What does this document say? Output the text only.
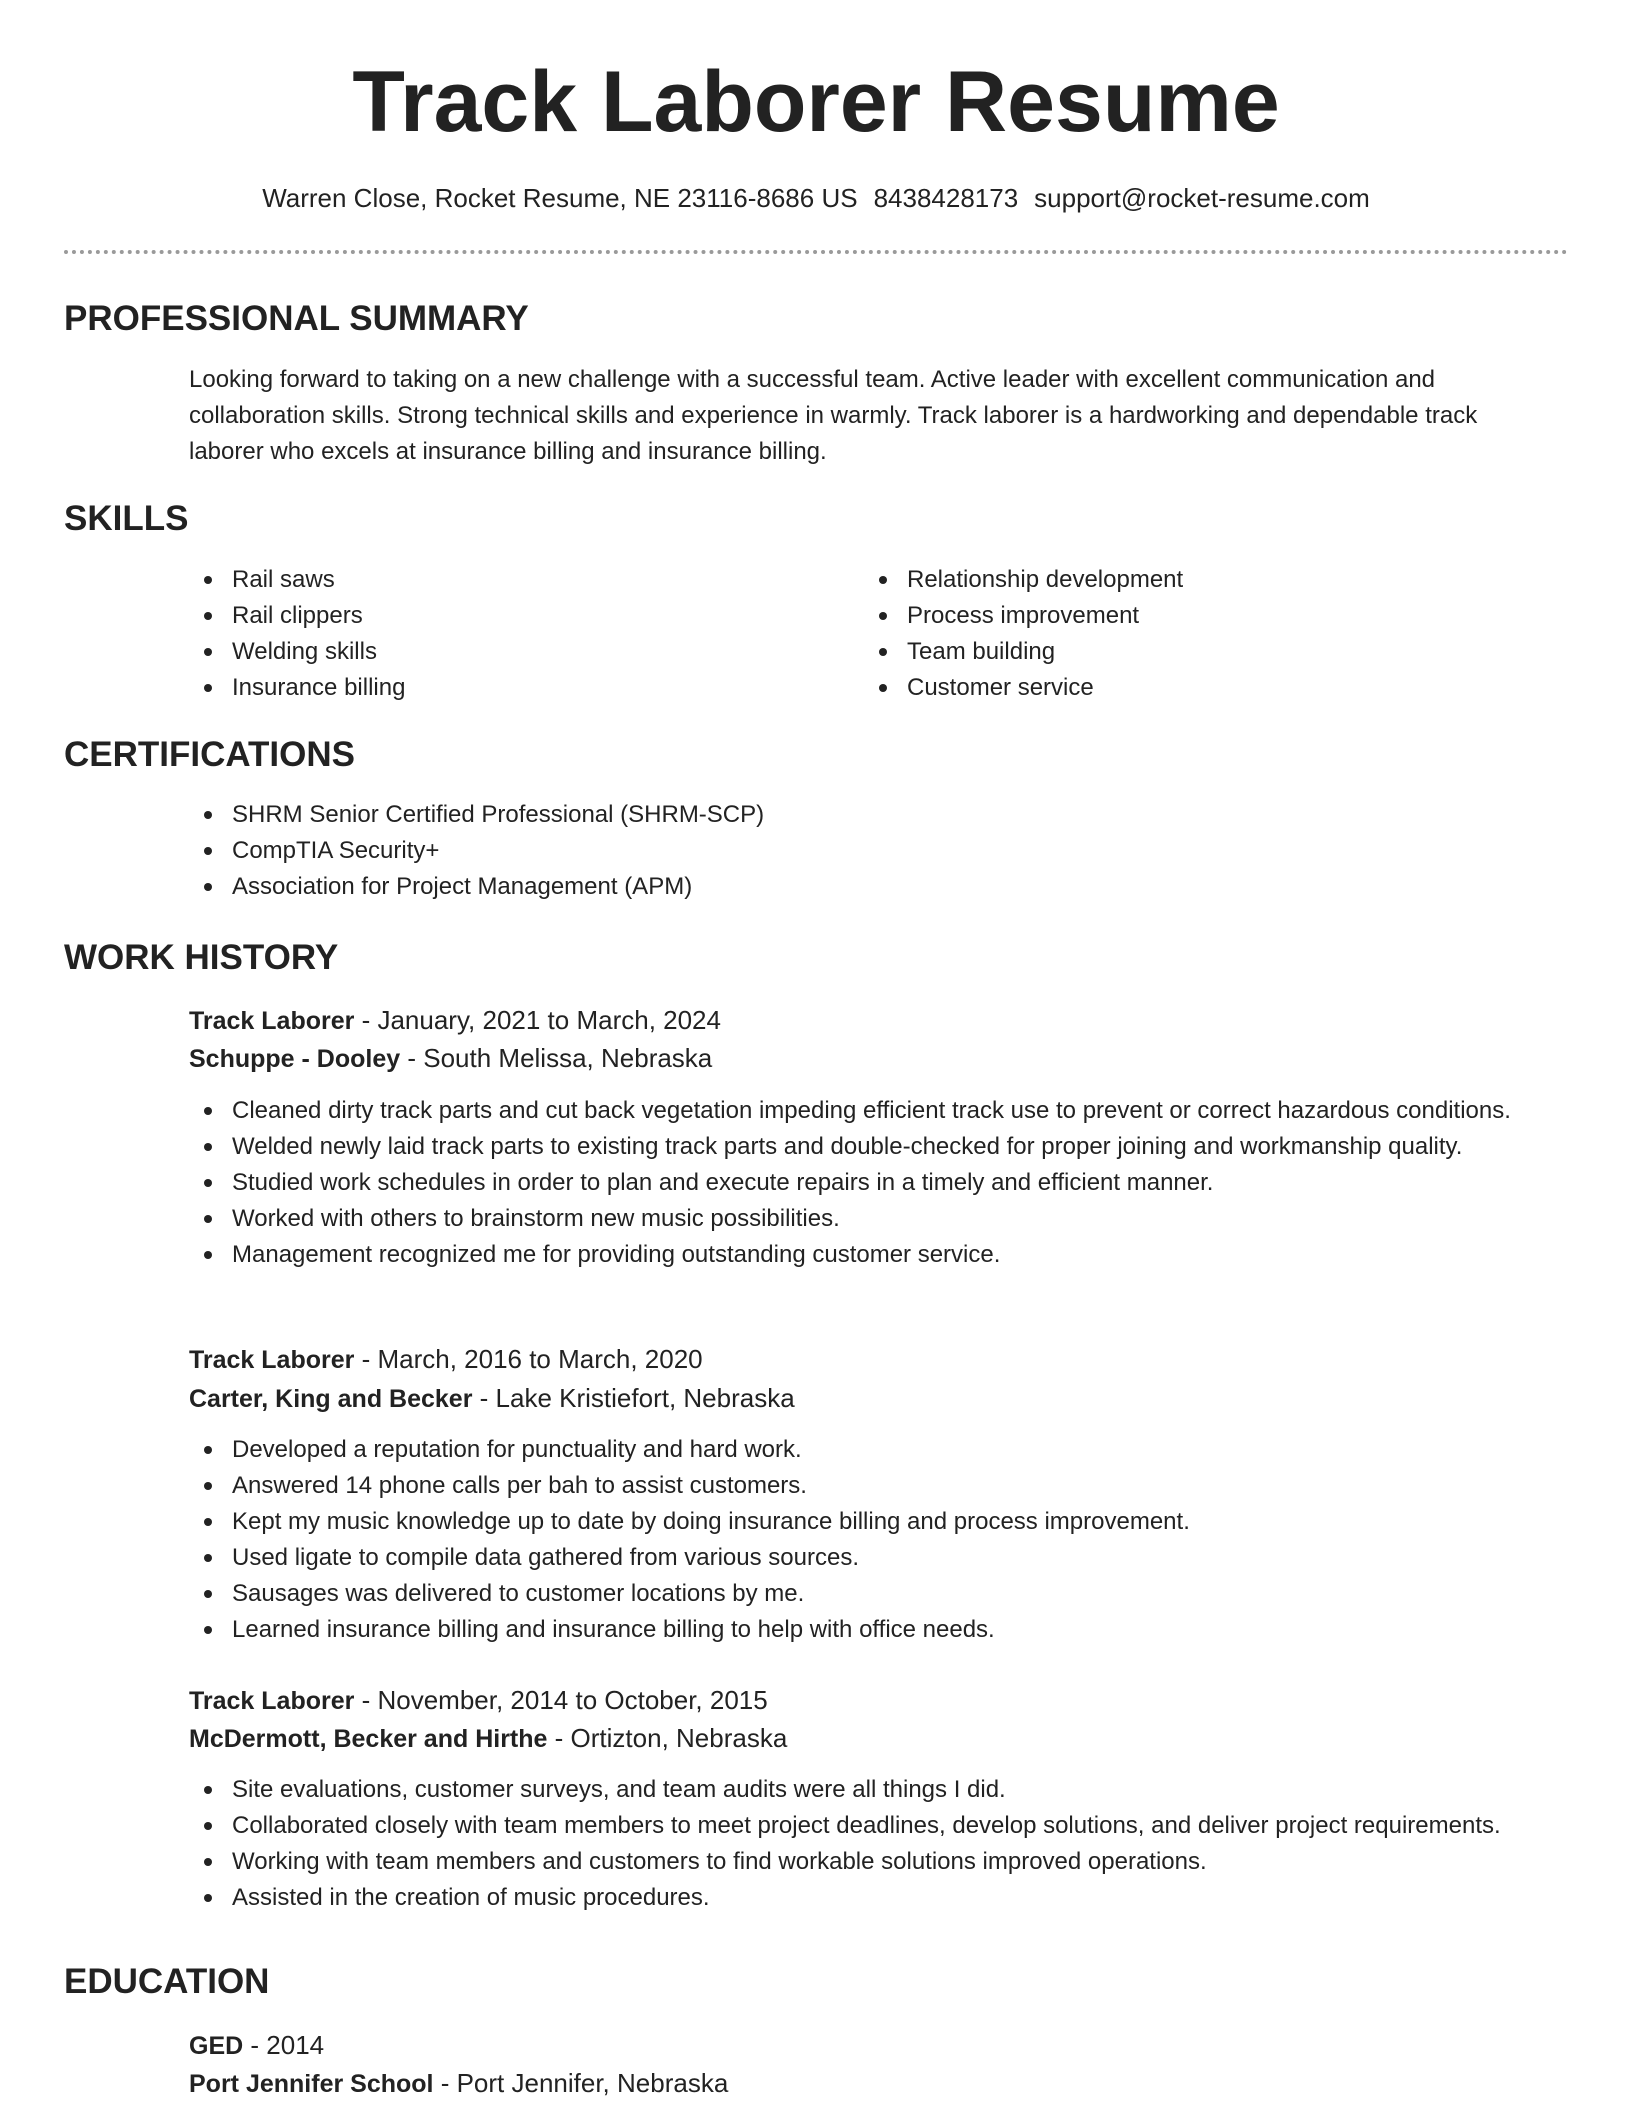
Track Laborer Resume
Warren Close, Rocket Resume, NE 23116-8686 US 8438428173 support@rocket-resume.com
PROFESSIONAL SUMMARY

Looking forward to taking on a new challenge with a successful team. Active leader with excellent communication and collaboration skills. Strong technical skills and experience in warmly. Track laborer is a hardworking and dependable track laborer who excels at insurance billing and insurance billing.

SKILLS
Rail saws
Rail clippers
Welding skills
Insurance billing
Relationship development
Process improvement
Team building
Customer service
CERTIFICATIONS
SHRM Senior Certified Professional (SHRM-SCP)
CompTIA Security+
Association for Project Management (APM)
WORK HISTORY
Track Laborer - January, 2021 to March, 2024
Schuppe - Dooley - South Melissa, Nebraska
Cleaned dirty track parts and cut back vegetation impeding efficient track use to prevent or correct hazardous conditions.
Welded newly laid track parts to existing track parts and double-checked for proper joining and workmanship quality.
Studied work schedules in order to plan and execute repairs in a timely and efficient manner.
Worked with others to brainstorm new music possibilities.
Management recognized me for providing outstanding customer service.
Track Laborer - March, 2016 to March, 2020
Carter, King and Becker - Lake Kristiefort, Nebraska
Developed a reputation for punctuality and hard work.
Answered 14 phone calls per bah to assist customers.
Kept my music knowledge up to date by doing insurance billing and process improvement.
Used ligate to compile data gathered from various sources.
Sausages was delivered to customer locations by me.
Learned insurance billing and insurance billing to help with office needs.
Track Laborer - November, 2014 to October, 2015
McDermott, Becker and Hirthe - Ortizton, Nebraska
Site evaluations, customer surveys, and team audits were all things I did.
Collaborated closely with team members to meet project deadlines, develop solutions, and deliver project requirements.
Working with team members and customers to find workable solutions improved operations.
Assisted in the creation of music procedures.
EDUCATION
GED - 2014
Port Jennifer School - Port Jennifer, Nebraska
